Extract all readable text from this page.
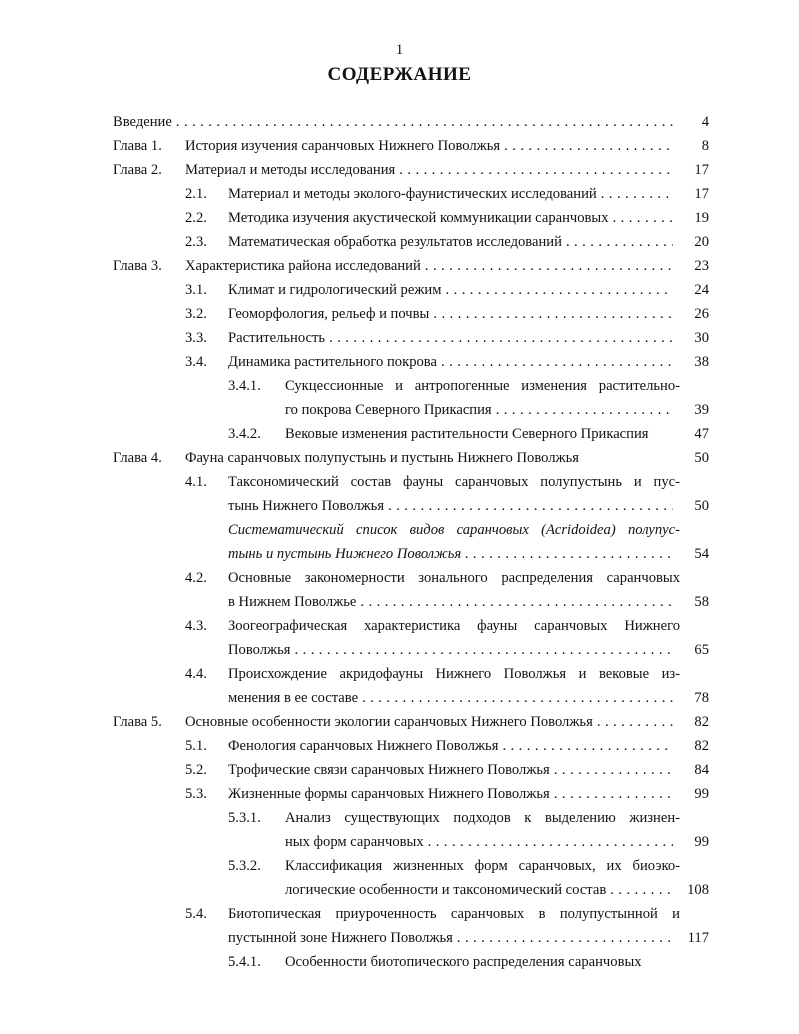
1
СОДЕРЖАНИЕ
Введение . . .	4
Глава 1. История изучения саранчовых Нижнего Поволжья . . .	8
Глава 2. Материал и методы исследования . . .	17
2.1. Материал и методы эколого-фаунистических исследований . . .	17
2.2. Методика изучения акустической коммуникации саранчовых . . .	19
2.3. Математическая обработка результатов исследований . . .	20
Глава 3. Характеристика района исследований . . .	23
3.1. Климат и гидрологический режим . . .	24
3.2. Геоморфология, рельеф и почвы . . .	26
3.3. Растительность . . .	30
3.4. Динамика растительного покрова . . .	38
3.4.1. Сукцессионные и антропогенные изменения растительно-
го покрова Северного Прикаспия . . .	39
3.4.2. Вековые изменения растительности Северного Прикаспия	47
Глава 4. Фауна саранчовых полупустынь и пустынь Нижнего Поволжья	50
4.1. Таксономический состав фауны саранчовых полупустынь и пус-
тынь Нижнего Поволжья . . .	50
Систематический список видов саранчовых (Acridoidea) полупус-
тынь и пустынь Нижнего Поволжья . . .	54
4.2. Основные закономерности зонального распределения саранчовых
в Нижнем Поволжье . . .	58
4.3. Зоогеографическая характеристика фауны саранчовых Нижнего
Поволжья . . .	65
4.4. Происхождение акридофауны Нижнего Поволжья и вековые из-
менения в ее составе . . .	78
Глава 5. Основные особенности экологии саранчовых Нижнего Поволжья . . .	82
5.1. Фенология саранчовых Нижнего Поволжья . . .	82
5.2. Трофические связи саранчовых Нижнего Поволжья . . .	84
5.3. Жизненные формы саранчовых Нижнего Поволжья . . .	99
5.3.1. Анализ существующих подходов к выделению жизнен-
ных форм саранчовых . . .	99
5.3.2. Классификация жизненных форм саранчовых, их биоэко-
логические особенности и таксономический состав . . .	108
5.4. Биотопическая приуроченность саранчовых в полупустынной и
пустынной зоне Нижнего Поволжья . . .	117
5.4.1. Особенности биотопического распределения саранчовых
